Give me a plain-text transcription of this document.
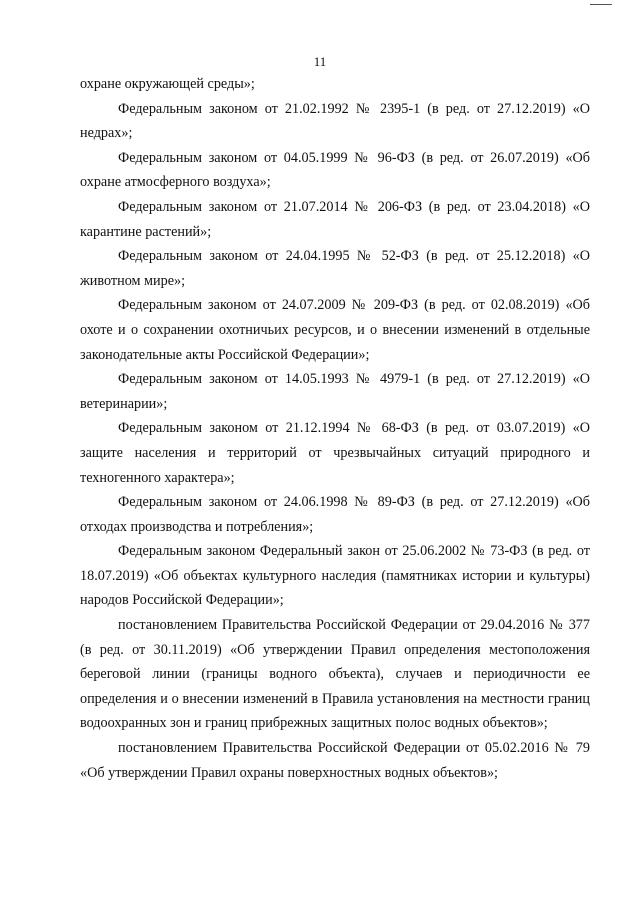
11

охране окружающей среды»;

Федеральным законом от 21.02.1992 № 2395-1 (в ред. от 27.12.2019) «О недрах»;

Федеральным законом от 04.05.1999 № 96-ФЗ (в ред. от 26.07.2019) «Об охране атмосферного воздуха»;

Федеральным законом от 21.07.2014 № 206-ФЗ (в ред. от 23.04.2018) «О карантине растений»;

Федеральным законом от 24.04.1995 № 52-ФЗ (в ред. от 25.12.2018) «О животном мире»;

Федеральным законом от 24.07.2009 № 209-ФЗ (в ред. от 02.08.2019) «Об охоте и о сохранении охотничьих ресурсов, и о внесении изменений в отдельные законодательные акты Российской Федерации»;

Федеральным законом от 14.05.1993 № 4979-1 (в ред. от 27.12.2019) «О ветеринарии»;

Федеральным законом от 21.12.1994 № 68-ФЗ (в ред. от 03.07.2019) «О защите населения и территорий от чрезвычайных ситуаций природного и техногенного характера»;

Федеральным законом от 24.06.1998 № 89-ФЗ (в ред. от 27.12.2019) «Об отходах производства и потребления»;

Федеральным законом Федеральный закон от 25.06.2002 № 73-ФЗ (в ред. от 18.07.2019) «Об объектах культурного наследия (памятниках истории и культуры) народов Российской Федерации»;

постановлением Правительства Российской Федерации от 29.04.2016 № 377 (в ред. от 30.11.2019) «Об утверждении Правил определения местоположения береговой линии (границы водного объекта), случаев и периодичности ее определения и о внесении изменений в Правила установления на местности границ водоохранных зон и границ прибрежных защитных полос водных объектов»;

постановлением Правительства Российской Федерации от 05.02.2016 № 79 «Об утверждении Правил охраны поверхностных водных объектов»;
